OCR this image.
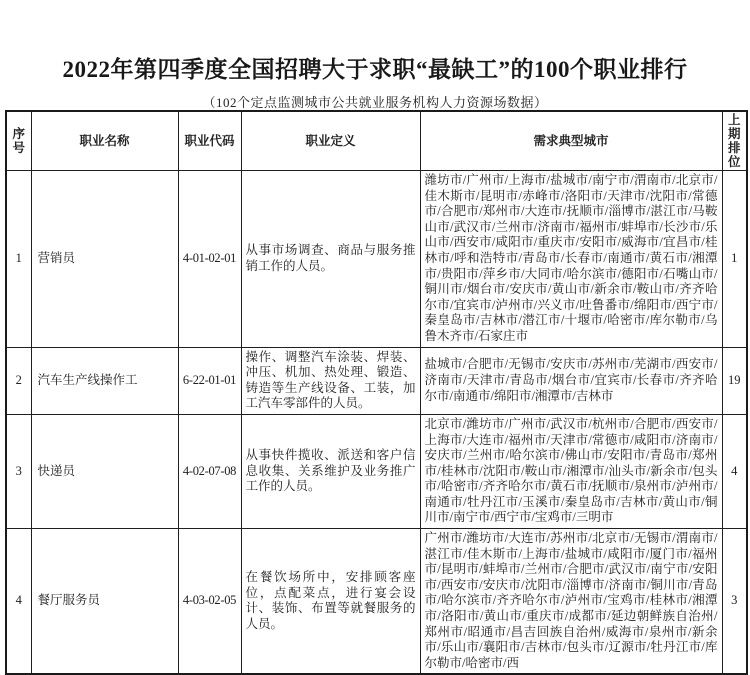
2022年第四季度全国招聘大于求职“最缺工”的100个职业排行
（102个定点监测城市公共就业服务机构人力资源场数据）
序号	职业名称	职业代码	职业定义	需求典型城市	上期排位
1	营销员	4-01-02-01	从事市场调查、商品与服务推销工作的人员。	潍坊市/广州市/上海市/盐城市/南宁市/渭南市/北京市/佳木斯市/昆明市/赤峰市/洛阳市/天津市/沈阳市/常德市/合肥市/郑州市/大连市/抚顺市/淄博市/湛江市/马鞍山市/武汉市/兰州市/济南市/福州市/蚌埠市/长沙市/乐山市/西安市/咸阳市/重庆市/安阳市/威海市/宜昌市/桂林市/呼和浩特市/青岛市/长春市/南通市/黄石市/湘潭市/贵阳市/萍乡市/大同市/哈尔滨市/德阳市/石嘴山市/铜川市/烟台市/安庆市/黄山市/新余市/鞍山市/齐齐哈尔市/宜宾市/泸州市/兴义市/吐鲁番市/绵阳市/西宁市/秦皇岛市/吉林市/潜江市/十堰市/哈密市/库尔勒市/乌鲁木齐市/石家庄市	1
2	汽车生产线操作工	6-22-01-01	操作、调整汽车涂装、焊装、冲压、机加、热处理、锻造、铸造等生产线设备、工装，加工汽车零部件的人员。	盐城市/合肥市/无锡市/安庆市/苏州市/芜湖市/西安市/济南市/天津市/青岛市/烟台市/宜宾市/长春市/齐齐哈尔市/南通市/绵阳市/湘潭市/吉林市	19
3	快递员	4-02-07-08	从事快件揽收、派送和客户信息收集、关系维护及业务推广工作的人员。	北京市/潍坊市/广州市/武汉市/杭州市/合肥市/西安市/上海市/大连市/福州市/天津市/常德市/咸阳市/济南市/安庆市/兰州市/哈尔滨市/佛山市/安阳市/青岛市/郑州市/桂林市/沈阳市/鞍山市/湘潭市/汕头市/新余市/包头市/哈密市/齐齐哈尔市/黄石市/抚顺市/泉州市/泸州市/南通市/牡丹江市/玉溪市/秦皇岛市/吉林市/黄山市/铜川市/南宁市/西宁市/宝鸡市/三明市	4
4	餐厅服务员	4-03-02-05	在餐饮场所中，安排顾客座位，点配菜点，进行宴会设计、装饰、布置等就餐服务的人员。	广州市/潍坊市/大连市/苏州市/北京市/无锡市/渭南市/湛江市/佳木斯市/上海市/盐城市/咸阳市/厦门市/福州市/昆明市/蚌埠市/兰州市/合肥市/武汉市/南宁市/安阳市/西安市/安庆市/沈阳市/淄博市/济南市/铜川市/青岛市/哈尔滨市/齐齐哈尔市/泸州市/宝鸡市/桂林市/湘潭市/洛阳市/黄山市/重庆市/成都市/延边朝鲜族自治州/郑州市/昭通市/昌吉回族自治州/威海市/泉州市/新余市/乐山市/襄阳市/吉林市/包头市/辽源市/牡丹江市/库尔勒市/哈密市/西	3
